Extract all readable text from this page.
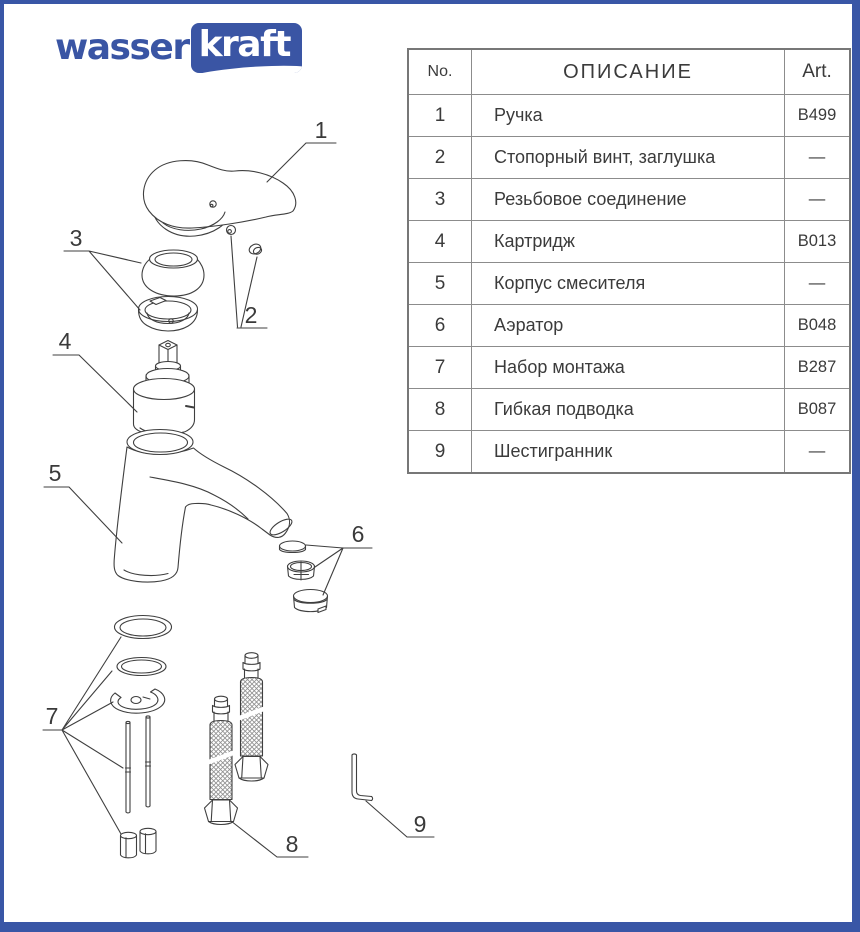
wasser kraft
No.	ОПИСАНИЕ	Art.
1	Ручка	B499
2	Стопорный винт, заглушка	—
3	Резьбовое соединение	—
4	Картридж	B013
5	Корпус смесителя	—
6	Аэратор	B048
7	Набор монтажа	B287
8	Гибкая подводка	B087
9	Шестигранник	—
1
2
3
4
5
6
7
8
9
